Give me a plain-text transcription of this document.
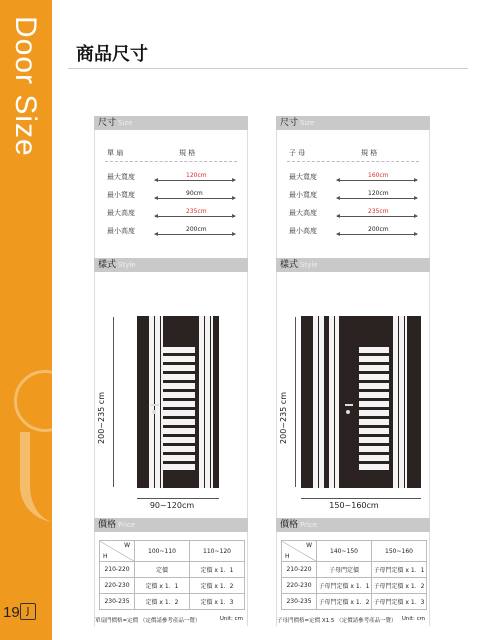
Door Size 商品尺寸
19 J
尺寸 Size
單 扇	規 格
最大寬度	120cm
最小寬度	90cm
最大高度	235cm
最小高度	200cm
樣式 Style
200~235 cm
90~120cm
價格 Price
W
H	100~110	110~120
210-220	定價	定價 x 1．1
220-230	定價 x 1．1	定價 x 1．2
230-235	定價 x 1．2	定價 x 1．3
單扇門價格=定價 （定價請參考產品一覽）	Unit: cm
尺寸 Size
子 母	規 格
最大寬度	160cm
最小寬度	120cm
最大高度	235cm
最小高度	200cm
樣式 Style
200~235 cm
150~160cm
價格 Price
W
H	140~150	150~160
210-220	子母門定價	子母門定價 x 1．1
220-230	子母門定價 x 1．1	子母門定價 x 1．2
230-235	子母門定價 x 1．2	子母門定價 x 1．3
子母門價格=定價 X1.5 （定價請參考產品一覽） Unit: cm
